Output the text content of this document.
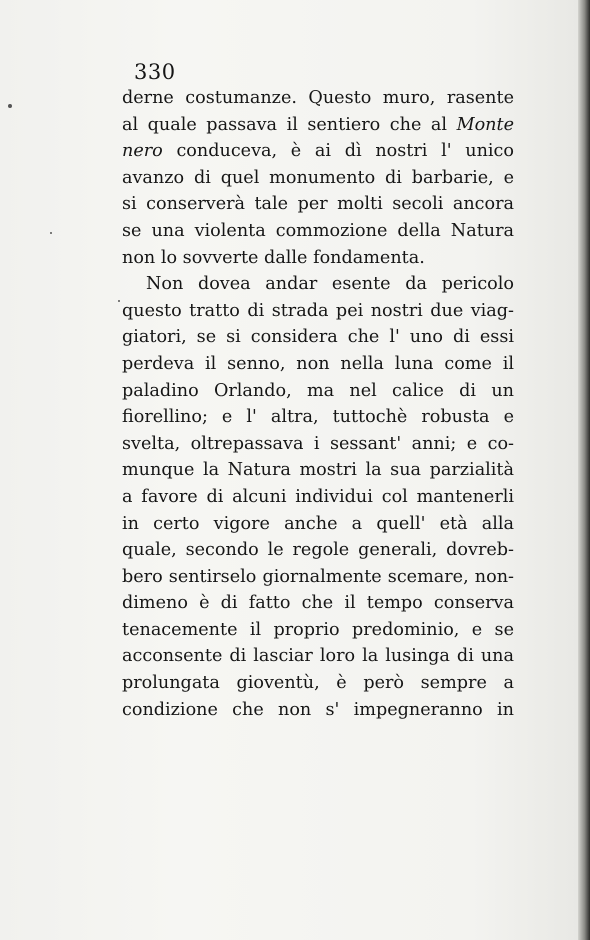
330
derne costumanze. Questo muro, rasente
al quale passava il sentiero che al Monte
nero conduceva, è ai dì nostri l' unico
avanzo di quel monumento di barbarie, e
si conserverà tale per molti secoli ancora
se una violenta commozione della Natura
non lo sovverte dalle fondamenta.
Non dovea andar esente da pericolo
questo tratto di strada pei nostri due viag-
giatori, se si considera che l' uno di essi
perdeva il senno, non nella luna come il
paladino Orlando, ma nel calice di un
fiorellino; e l' altra, tuttochè robusta e
svelta, oltrepassava i sessant' anni; e co-
munque la Natura mostri la sua parzialità
a favore di alcuni individui col mantenerli
in certo vigore anche a quell' età alla
quale, secondo le regole generali, dovreb-
bero sentirselo giornalmente scemare, non-
dimeno è di fatto che il tempo conserva
tenacemente il proprio predominio, e se
acconsente di lasciar loro la lusinga di una
prolungata gioventù, è però sempre a
condizione che non s' impegneranno in
